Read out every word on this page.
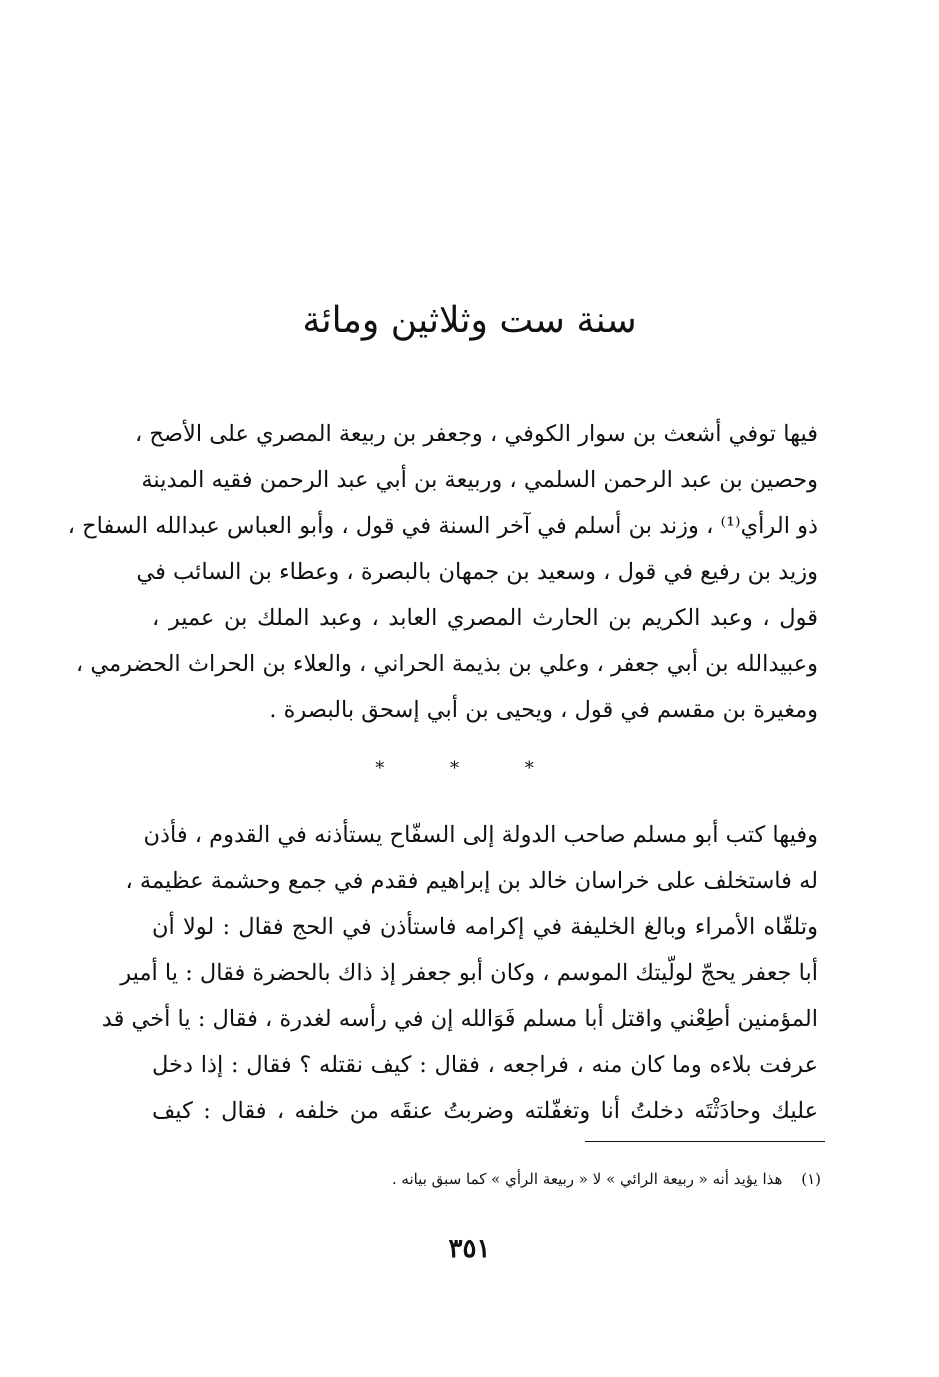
سنة ست وثلاثين ومائة
فيها توفي أشعث بن سوار الكوفي ، وجعفر بن ربيعة المصري على الأصح ،
وحصين بن عبد الرحمن السلمي ، وربيعة بن أبي عبد الرحمن فقيه المدينة
ذو الرأي⁽¹⁾ ، وزند بن أسلم في آخر السنة في قول ، وأبو العباس عبدالله السفاح ،
وزيد بن رفيع في قول ، وسعيد بن جمهان بالبصرة ، وعطاء بن السائب في
قول ، وعبد الكريم بن الحارث المصري العابد ، وعبد الملك بن عمير ،
وعبيدالله بن أبي جعفر ، وعلي بن بذيمة الحراني ، والعلاء بن الحراث الحضرمي ،
ومغيرة بن مقسم في قول ، ويحيى بن أبي إسحق بالبصرة .
* * *
وفيها كتب أبو مسلم صاحب الدولة إلى السفّاح يستأذنه في القدوم ، فأذن
له فاستخلف على خراسان خالد بن إبراهيم فقدم في جمع وحشمة عظيمة ،
وتلقّاه الأمراء وبالغ الخليفة في إكرامه فاستأذن في الحج فقال : لولا أن
أبا جعفر يحجّ لولّيتك الموسم ، وكان أبو جعفر إذ ذاك بالحضرة فقال : يا أمير
المؤمنين أطِعْني واقتل أبا مسلم فَوَالله إن في رأسه لغدرة ، فقال : يا أخي قد
عرفت بلاءه وما كان منه ، فراجعه ، فقال : كيف نقتله ؟ فقال : إذا دخل
عليك وحادَثْتَه دخلتُ أنا وتغفّلته وضربتُ عنقَه من خلفه ، فقال : كيف
(١) هذا يؤيد أنه « ربيعة الرائي » لا « ربيعة الرأي » كما سبق بيانه .
٣٥١
